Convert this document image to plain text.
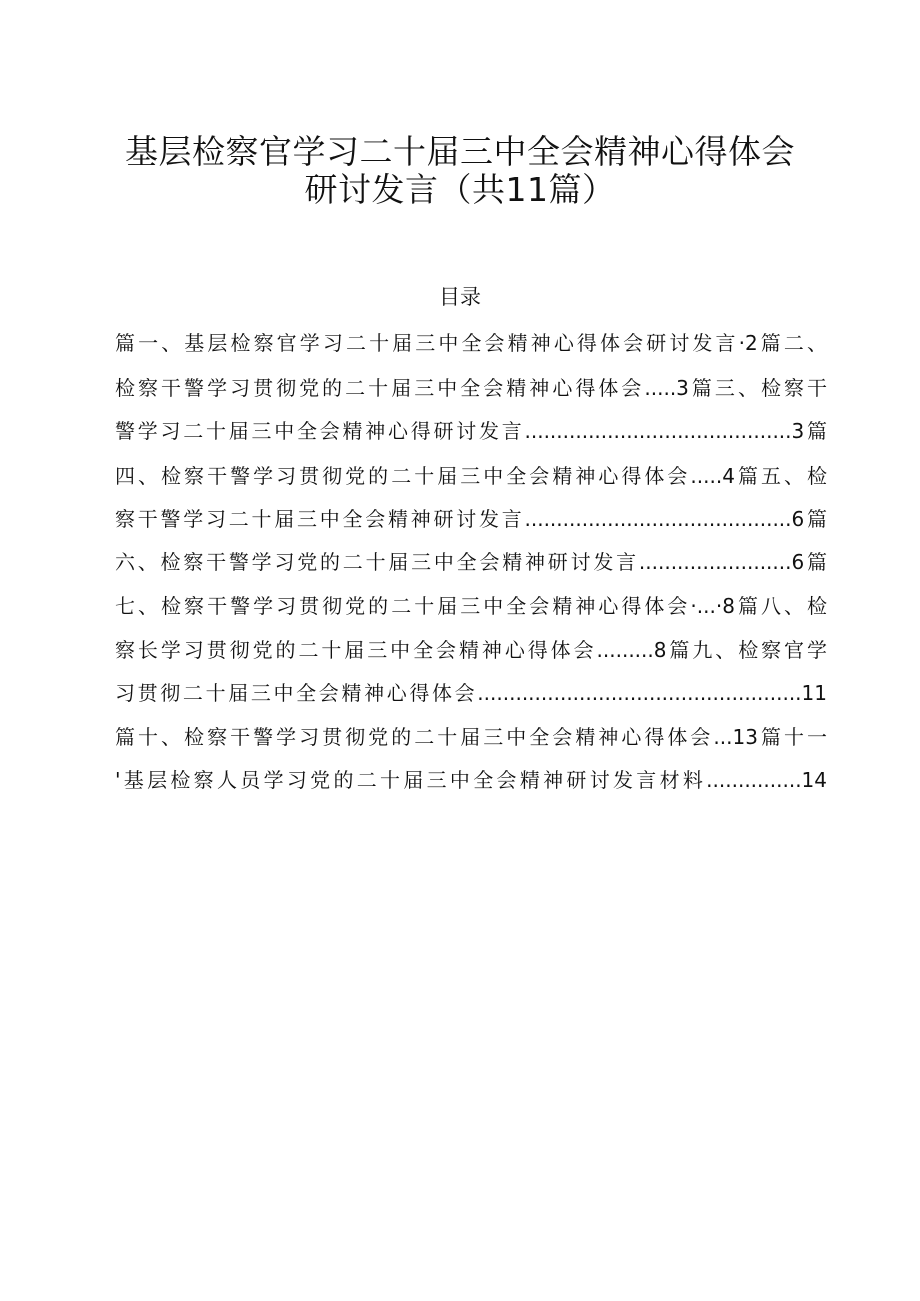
基层检察官学习二十届三中全会精神心得体会
研讨发言（共11篇）
目录
篇一、基层检察官学习二十届三中全会精神心得体会研讨发言·2篇二、
检察干警学习贯彻党的二十届三中全会精神心得体会.....3篇三、检察干
警学习二十届三中全会精神心得研讨发言..........................................3篇
四、检察干警学习贯彻党的二十届三中全会精神心得体会.....4篇五、检
察干警学习二十届三中全会精神研讨发言..........................................6篇
六、检察干警学习党的二十届三中全会精神研讨发言........................6篇
七、检察干警学习贯彻党的二十届三中全会精神心得体会·...·8篇八、检
察长学习贯彻党的二十届三中全会精神心得体会.........8篇九、检察官学
习贯彻二十届三中全会精神心得体会...................................................11
篇十、检察干警学习贯彻党的二十届三中全会精神心得体会...13篇十一
'基层检察人员学习党的二十届三中全会精神研讨发言材料...............14
